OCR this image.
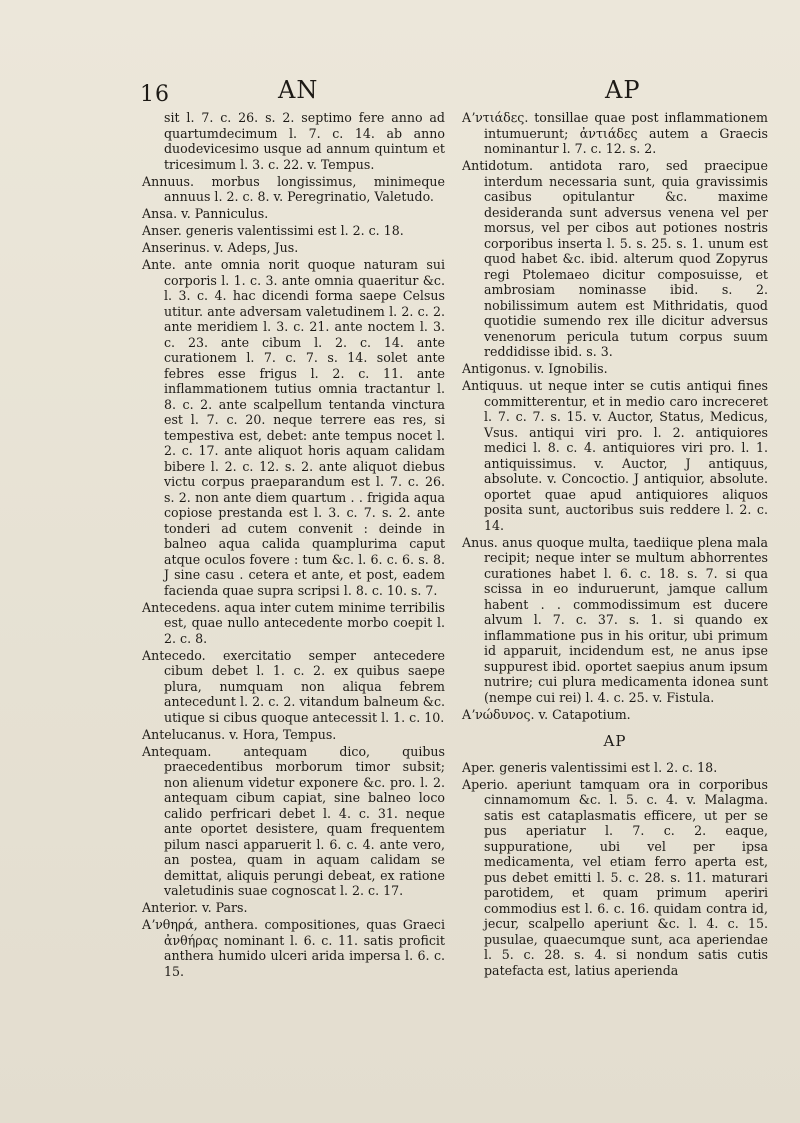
16	AN	AP

sit l. 7. c. 26. s. 2. septimo fere anno ad quartumdecimum l. 7. c. 14. ab anno duodevicesimo usque ad annum quintum et tricesimum l. 3. c. 22. v. Tempus.

Annuus. morbus longissimus, minimeque annuus l. 2. c. 8. v. Peregrinatio, Valetudo.

Ansa. v. Panniculus.

Anser. generis valentissimi est l. 2. c. 18.

Anserinus. v. Adeps, Jus.

Ante. ante omnia norit quoque naturam sui corporis l. 1. c. 3. ante omnia quaeritur &c. l. 3. c. 4. hac dicendi forma saepe Celsus utitur. ante adversam valetudinem l. 2. c. 2. ante meridiem l. 3. c. 21. ante noctem l. 3. c. 23. ante cibum l. 2. c. 14. ante curationem l. 7. c. 7. s. 14. solet ante febres esse frigus l. 2. c. 11. ante inflammationem tutius omnia tractantur l. 8. c. 2. ante scalpellum tentanda vinctura est l. 7. c. 20. neque terrere eas res, si tempestiva est, debet: ante tempus nocet l. 2. c. 17. ante aliquot horis aquam calidam bibere l. 2. c. 12. s. 2. ante aliquot diebus victu corpus praeparandum est l. 7. c. 26. s. 2. non ante diem quartum . . frigida aqua copiose prestanda est l. 3. c. 7. s. 2. ante tonderi ad cutem convenit : deinde in balneo aqua calida quamplurima caput atque oculos fovere : tum &c. l. 6. c. 6. s. 8. J sine casu . cetera et ante, et post, eadem facienda quae supra scripsi l. 8. c. 10. s. 7.

Antecedens. aqua inter cutem minime terribilis est, quae nullo antecedente morbo coepit l. 2. c. 8.

Antecedo. exercitatio semper antecedere cibum debet l. 1. c. 2. ex quibus saepe plura, numquam non aliqua febrem antecedunt l. 2. c. 2. vitandum balneum &c. utique si cibus quoque antecessit l. 1. c. 10.

Antelucanus. v. Hora, Tempus.

Antequam. antequam dico, quibus praecedentibus morborum timor subsit; non alienum videtur exponere &c. pro. l. 2. antequam cibum capiat, sine balneo loco calido perfricari debet l. 4. c. 31. neque ante oportet desistere, quam frequentem pilum nasci apparuerit l. 6. c. 4. ante vero, an postea, quam in aquam calidam se demittat, aliquis perungi debeat, ex ratione valetudinis suae cognoscat l. 2. c. 17.

Anterior. v. Pars.

Aʼνθηρά, anthera. compositiones, quas Graeci ἀνθήρας nominant l. 6. c. 11. satis proficit anthera humido ulceri arida impersa l. 6. c. 15.

Aʼντιάδες. tonsillae quae post inflammationem intumuerunt; ἀντιάδες autem a Graecis nominantur l. 7. c. 12. s. 2.

Antidotum. antidota raro, sed praecipue interdum necessaria sunt, quia gravissimis casibus opitulantur &c. maxime desideranda sunt adversus venena vel per morsus, vel per cibos aut potiones nostris corporibus inserta l. 5. s. 25. s. 1. unum est quod habet &c. ibid. alterum quod Zopyrus regi Ptolemaeo dicitur composuisse, et ambrosiam nominasse ibid. s. 2. nobilissimum autem est Mithridatis, quod quotidie sumendo rex ille dicitur adversus venenorum pericula tutum corpus suum reddidisse ibid. s. 3.

Antigonus. v. Ignobilis.

Antiquus. ut neque inter se cutis antiqui fines committerentur, et in medio caro increceret l. 7. c. 7. s. 15. v. Auctor, Status, Medicus, Vsus. antiqui viri pro. l. 2. antiquiores medici l. 8. c. 4. antiquiores viri pro. l. 1. antiquissimus. v. Auctor, J antiquus, absolute. v. Concoctio. J antiquior, absolute. oportet quae apud antiquiores aliquos posita sunt, auctoribus suis reddere l. 2. c. 14.

Anus. anus quoque multa, taediique plena mala recipit; neque inter se multum abhorrentes curationes habet l. 6. c. 18. s. 7. si qua scissa in eo induruerunt, jamque callum habent . . commodissimum est ducere alvum l. 7. c. 37. s. 1. si quando ex inflammatione pus in his oritur, ubi primum id apparuit, incidendum est, ne anus ipse suppurest ibid. oportet saepius anum ipsum nutrire; cui plura medicamenta idonea sunt (nempe cui rei) l. 4. c. 25. v. Fistula.

Aʼνώδυνος. v. Catapotium.

AP

Aper. generis valentissimi est l. 2. c. 18.

Aperio. aperiunt tamquam ora in corporibus cinnamomum &c. l. 5. c. 4. v. Malagma. satis est cataplasmatis efficere, ut per se pus aperiatur l. 7. c. 2. eaque, suppuratione, ubi vel per ipsa medicamenta, vel etiam ferro aperta est, pus debet emitti l. 5. c. 28. s. 11. maturari parotidem, et quam primum aperiri commodius est l. 6. c. 16. quidam contra id, jecur, scalpello aperiunt &c. l. 4. c. 15. pusulae, quaecumque sunt, aca aperiendae l. 5. c. 28. s. 4. si nondum satis cutis patefacta est, latius aperienda
